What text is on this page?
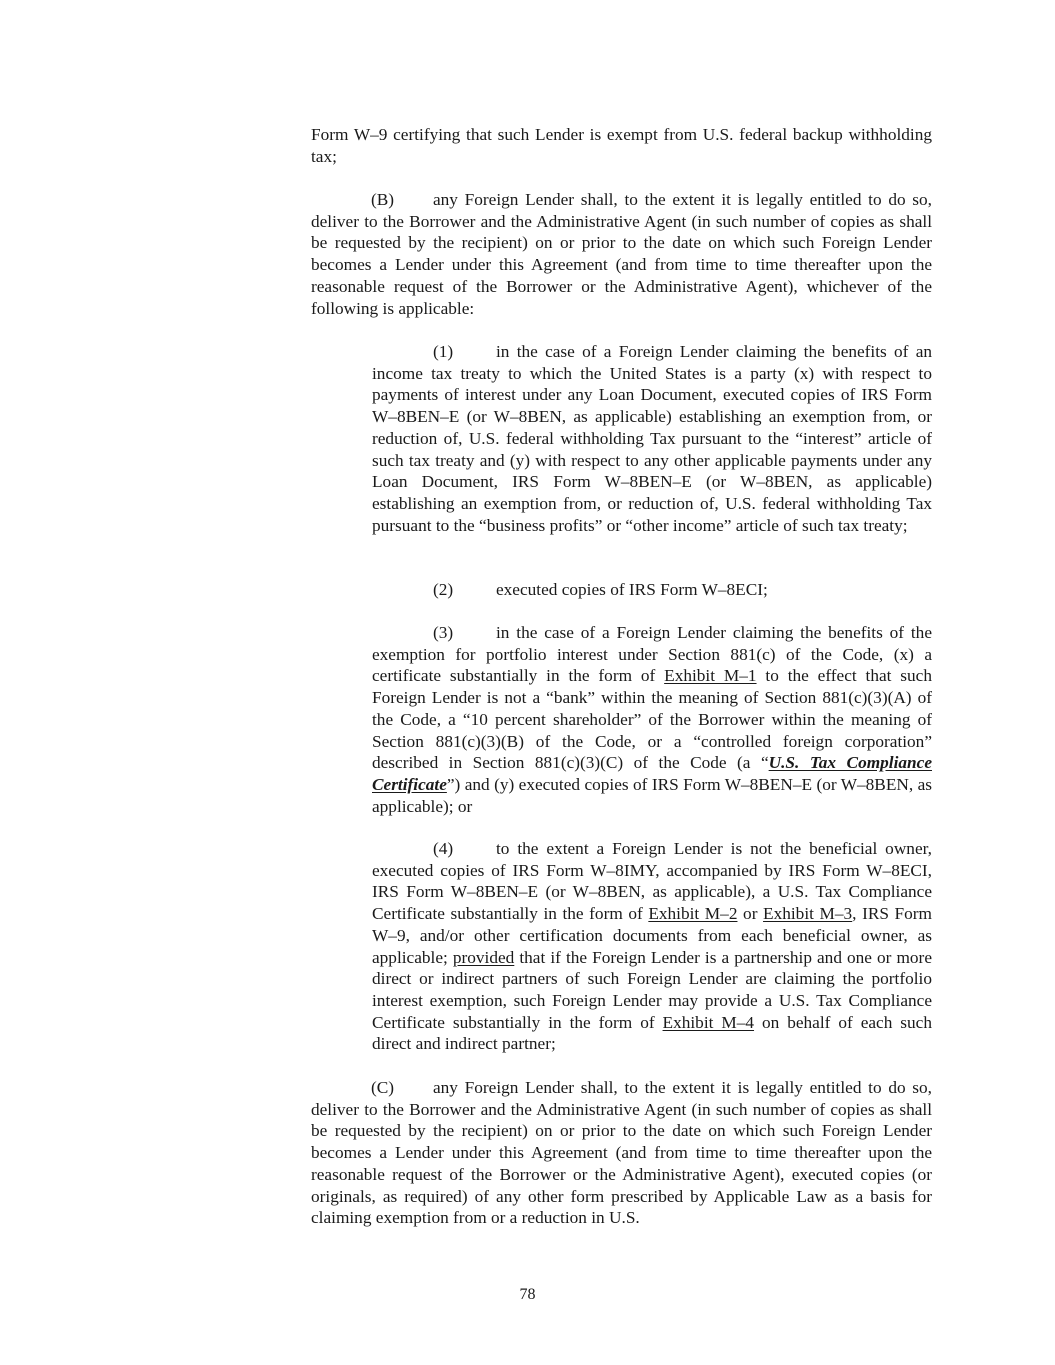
Form W–9 certifying that such Lender is exempt from U.S. federal backup withholding tax;

(B) any Foreign Lender shall, to the extent it is legally entitled to do so, deliver to the Borrower and the Administrative Agent (in such number of copies as shall be requested by the recipient) on or prior to the date on which such Foreign Lender becomes a Lender under this Agreement (and from time to time thereafter upon the reasonable request of the Borrower or the Administrative Agent), whichever of the following is applicable:

(1) in the case of a Foreign Lender claiming the benefits of an income tax treaty to which the United States is a party (x) with respect to payments of interest under any Loan Document, executed copies of IRS Form W–8BEN–E (or W–8BEN, as applicable) establishing an exemption from, or reduction of, U.S. federal withholding Tax pursuant to the “interest” article of such tax treaty and (y) with respect to any other applicable payments under any Loan Document, IRS Form W–8BEN–E (or W–8BEN, as applicable) establishing an exemption from, or reduction of, U.S. federal withholding Tax pursuant to the “business profits” or “other income” article of such tax treaty;

(2) executed copies of IRS Form W–8ECI;

(3) in the case of a Foreign Lender claiming the benefits of the exemption for portfolio interest under Section 881(c) of the Code, (x) a certificate substantially in the form of Exhibit M–1 to the effect that such Foreign Lender is not a “bank” within the meaning of Section 881(c)(3)(A) of the Code, a “10 percent shareholder” of the Borrower within the meaning of Section 881(c)(3)(B) of the Code, or a “controlled foreign corporation” described in Section 881(c)(3)(C) of the Code (a “U.S. Tax Compliance Certificate”) and (y) executed copies of IRS Form W–8BEN–E (or W–8BEN, as applicable); or

(4) to the extent a Foreign Lender is not the beneficial owner, executed copies of IRS Form W–8IMY, accompanied by IRS Form W–8ECI, IRS Form W–8BEN–E (or W–8BEN, as applicable), a U.S. Tax Compliance Certificate substantially in the form of Exhibit M–2 or Exhibit M–3, IRS Form W–9, and/or other certification documents from each beneficial owner, as applicable; provided that if the Foreign Lender is a partnership and one or more direct or indirect partners of such Foreign Lender are claiming the portfolio interest exemption, such Foreign Lender may provide a U.S. Tax Compliance Certificate substantially in the form of Exhibit M–4 on behalf of each such direct and indirect partner;

(C) any Foreign Lender shall, to the extent it is legally entitled to do so, deliver to the Borrower and the Administrative Agent (in such number of copies as shall be requested by the recipient) on or prior to the date on which such Foreign Lender becomes a Lender under this Agreement (and from time to time thereafter upon the reasonable request of the Borrower or the Administrative Agent), executed copies (or originals, as required) of any other form prescribed by Applicable Law as a basis for claiming exemption from or a reduction in U.S.

78
